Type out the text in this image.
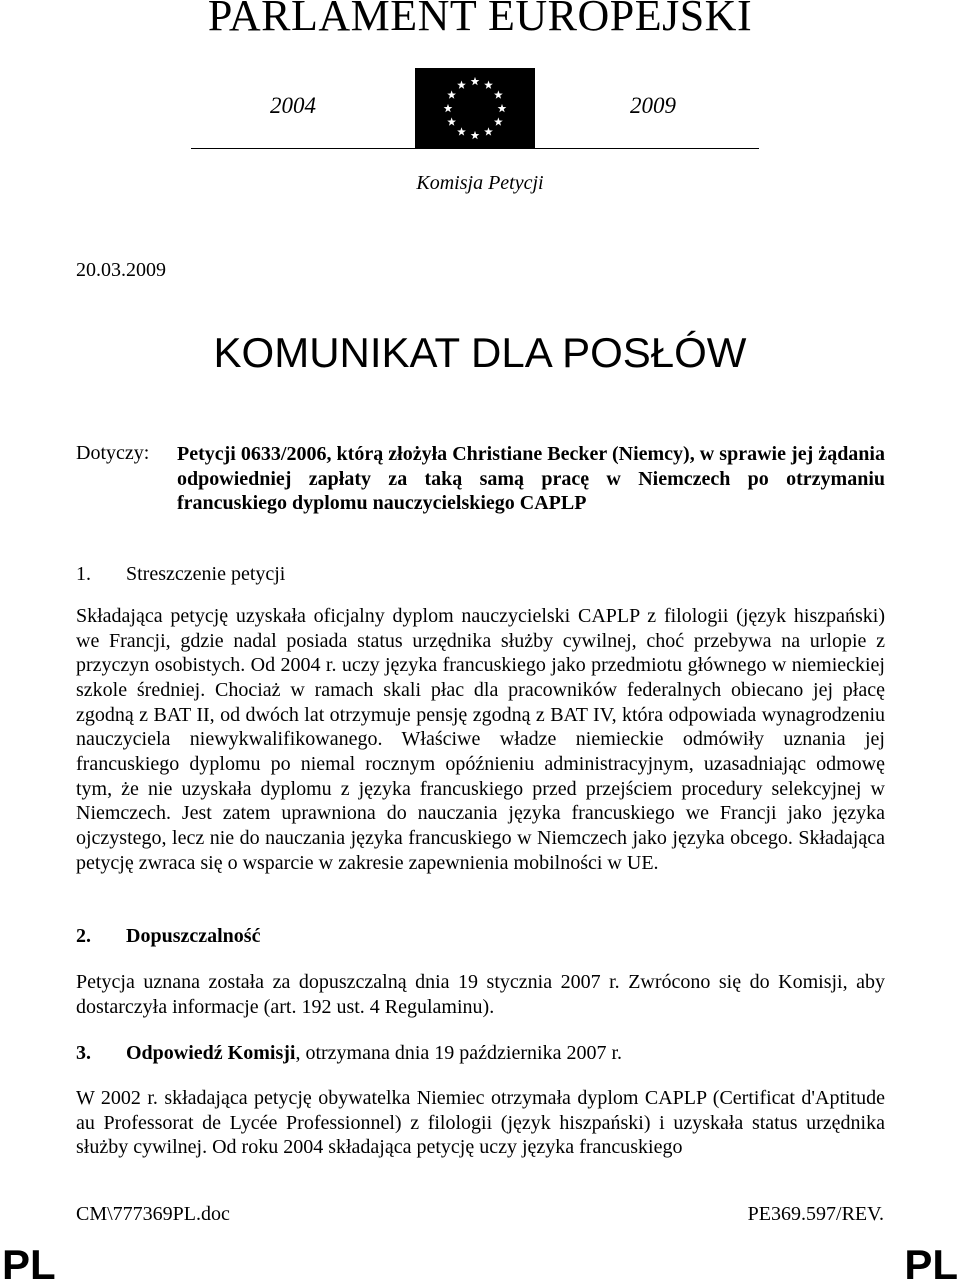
PARLAMENT EUROPEJSKI
2004	2009
Komisja Petycji
20.03.2009
KOMUNIKAT DLA POSŁÓW
Dotyczy: Petycji 0633/2006, którą złożyła Christiane Becker (Niemcy), w sprawie jej żądania odpowiedniej zapłaty za taką samą pracę w Niemczech po otrzymaniu francuskiego dyplomu nauczycielskiego CAPLP
1. Streszczenie petycji
Składająca petycję uzyskała oficjalny dyplom nauczycielski CAPLP z filologii (język hiszpański) we Francji, gdzie nadal posiada status urzędnika służby cywilnej, choć przebywa na urlopie z przyczyn osobistych. Od 2004 r. uczy języka francuskiego jako przedmiotu głównego w niemieckiej szkole średniej. Chociaż w ramach skali płac dla pracowników federalnych obiecano jej płacę zgodną z BAT II, od dwóch lat otrzymuje pensję zgodną z BAT IV, która odpowiada wynagrodzeniu nauczyciela niewykwalifikowanego. Właściwe władze niemieckie odmówiły uznania jej francuskiego dyplomu po niemal rocznym opóźnieniu administracyjnym, uzasadniając odmowę tym, że nie uzyskała dyplomu z języka francuskiego przed przejściem procedury selekcyjnej w Niemczech. Jest zatem uprawniona do nauczania języka francuskiego we Francji jako języka ojczystego, lecz nie do nauczania języka francuskiego w Niemczech jako języka obcego. Składająca petycję zwraca się o wsparcie w zakresie zapewnienia mobilności w UE.
2. Dopuszczalność
Petycja uznana została za dopuszczalną dnia 19 stycznia 2007 r. Zwrócono się do Komisji, aby dostarczyła informacje (art. 192 ust. 4 Regulaminu).
3. Odpowiedź Komisji, otrzymana dnia 19 października 2007 r.
W 2002 r. składająca petycję obywatelka Niemiec otrzymała dyplom CAPLP (Certificat d'Aptitude au Professorat de Lycée Professionnel) z filologii (język hiszpański) i uzyskała status urzędnika służby cywilnej. Od roku 2004 składająca petycję uczy języka francuskiego
CM\777369PL.doc	PE369.597/REV.
PL	PL
